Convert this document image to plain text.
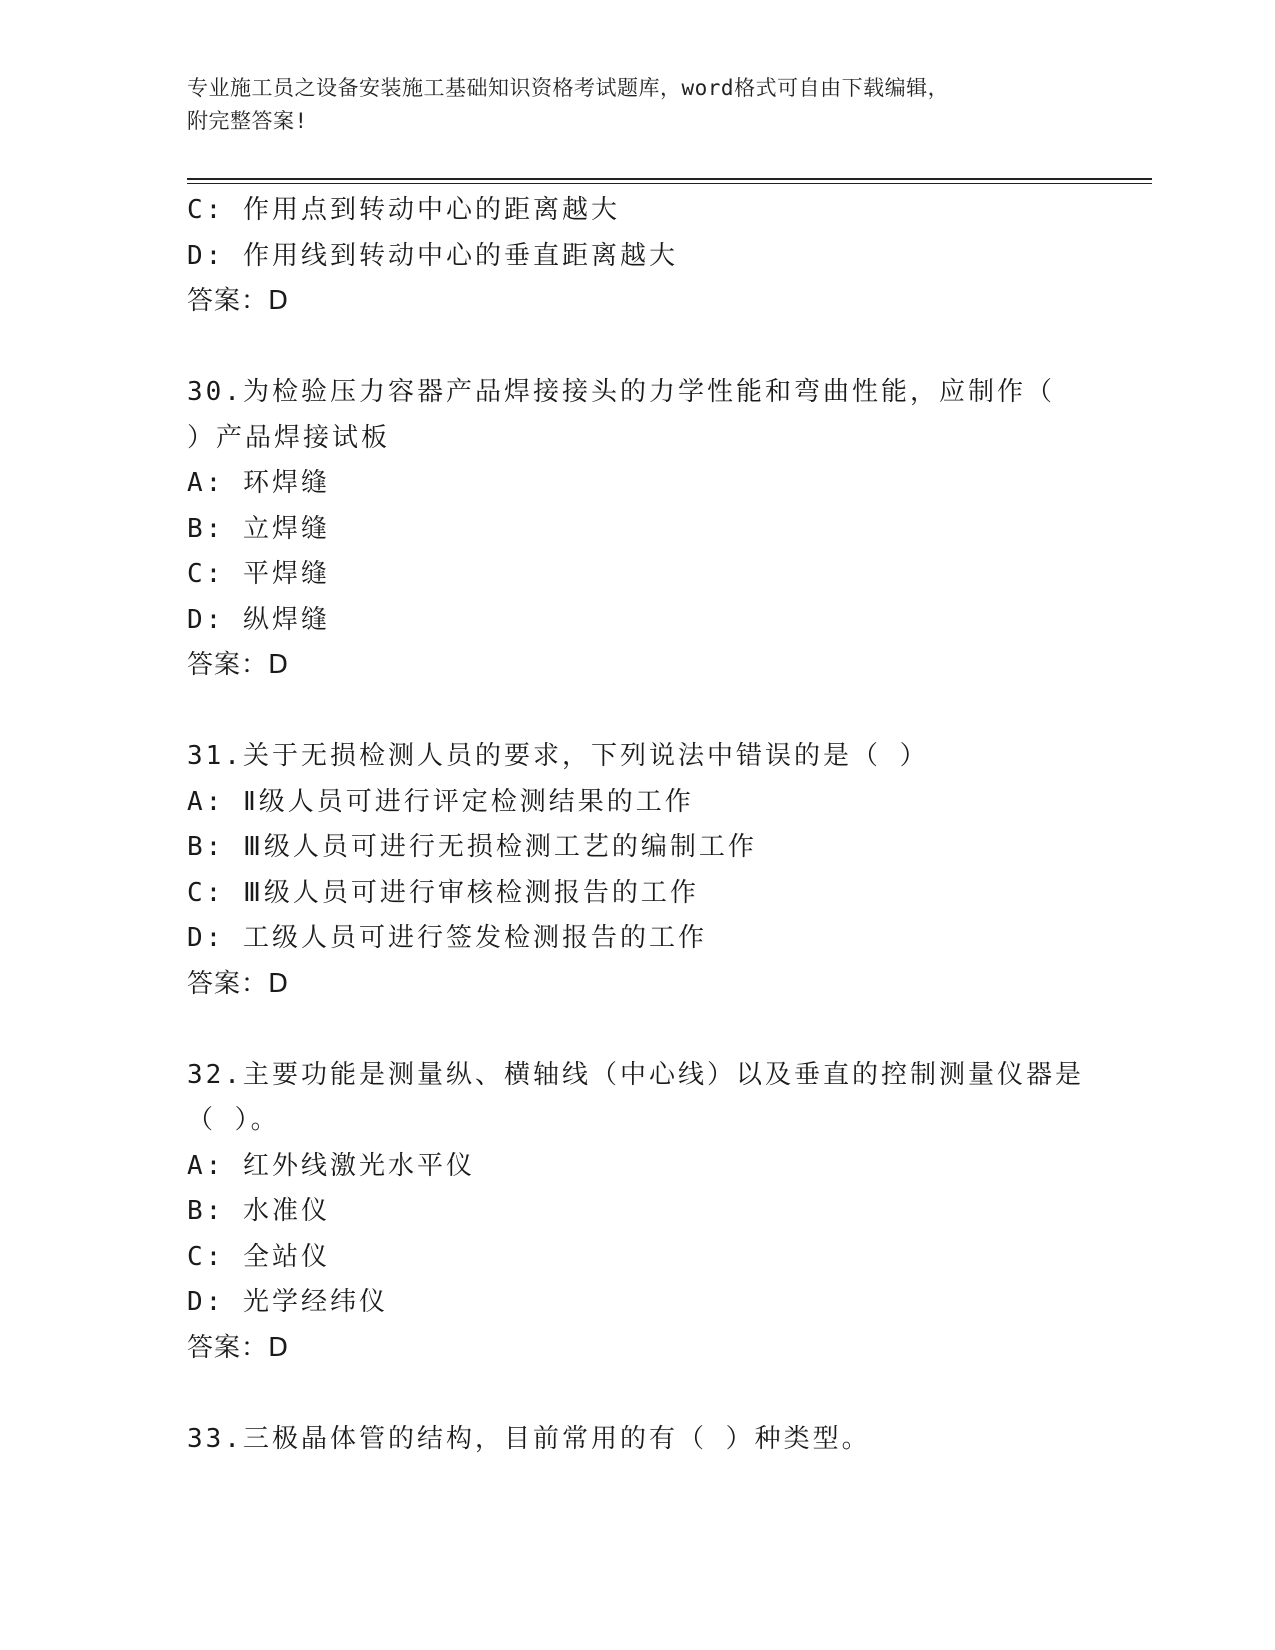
专业施工员之设备安装施工基础知识资格考试题库，word格式可自由下载编辑，
附完整答案!
C: 作用点到转动中心的距离越大
D: 作用线到转动中心的垂直距离越大
答案：D
30.为检验压力容器产品焊接接头的力学性能和弯曲性能，应制作（
）产品焊接试板
A: 环焊缝
B: 立焊缝
C: 平焊缝
D: 纵焊缝
答案：D
31.关于无损检测人员的要求，下列说法中错误的是（ ）
A: Ⅱ级人员可进行评定检测结果的工作
B: Ⅲ级人员可进行无损检测工艺的编制工作
C: Ⅲ级人员可进行审核检测报告的工作
D: 工级人员可进行签发检测报告的工作
答案：D
32.主要功能是测量纵、横轴线（中心线）以及垂直的控制测量仪器是
（ ）。
A: 红外线激光水平仪
B: 水准仪
C: 全站仪
D: 光学经纬仪
答案：D
33.三极晶体管的结构，目前常用的有（ ）种类型。
